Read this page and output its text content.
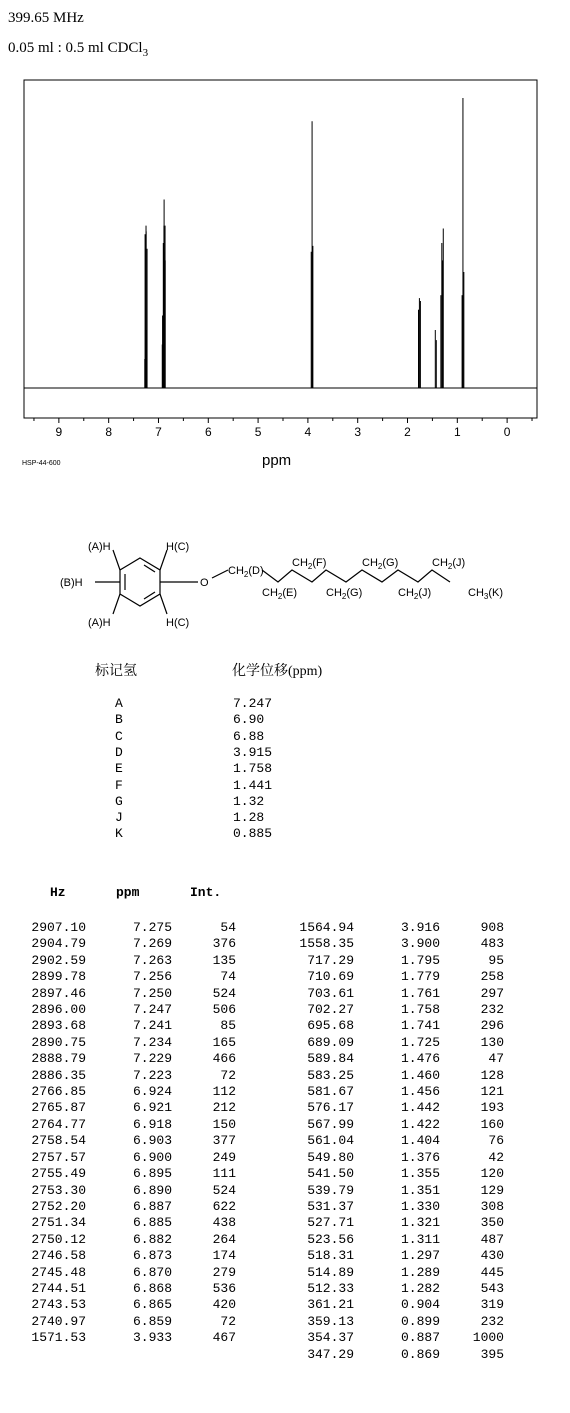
399.65 MHz
0.05 ml : 0.5 ml CDCl$_3$
9	8	7	6	5	4	3	2	1	0
HSP-44-600	ppm
(A)H	H(C)
(B)H	O
(A)H	H(C)
$CH_2(D)$
$CH_2(E)$
$CH_2(F)$
$CH_2(G)$
$CH_2(G)$
$CH_2(J)$
$CH_2(J)$
$CH_3(K)$
标记氢	化学位移(ppm)
A	7.247
B	6.90
C	6.88
D	3.915
E	1.758
F	1.441
G	1.32
J	1.28
K	0.885
Hz	ppm	Int.
2907.10	7.275	54
2904.79	7.269	376
2902.59	7.263	135
2899.78	7.256	74
2897.46	7.250	524
2896.00	7.247	506
2893.68	7.241	85
2890.75	7.234	165
2888.79	7.229	466
2886.35	7.223	72
2766.85	6.924	112
2765.87	6.921	212
2764.77	6.918	150
2758.54	6.903	377
2757.57	6.900	249
2755.49	6.895	111
2753.30	6.890	524
2752.20	6.887	622
2751.34	6.885	438
2750.12	6.882	264
2746.58	6.873	174
2745.48	6.870	279
2744.51	6.868	536
2743.53	6.865	420
2740.97	6.859	72
1571.53	3.933	467
1564.94	3.916	908
1558.35	3.900	483
717.29	1.795	95
710.69	1.779	258
703.61	1.761	297
702.27	1.758	232
695.68	1.741	296
689.09	1.725	130
589.84	1.476	47
583.25	1.460	128
581.67	1.456	121
576.17	1.442	193
567.99	1.422	160
561.04	1.404	76
549.80	1.376	42
541.50	1.355	120
539.79	1.351	129
531.37	1.330	308
527.71	1.321	350
523.56	1.311	487
518.31	1.297	430
514.89	1.289	445
512.33	1.282	543
361.21	0.904	319
359.13	0.899	232
354.37	0.887	1000
347.29	0.869	395
